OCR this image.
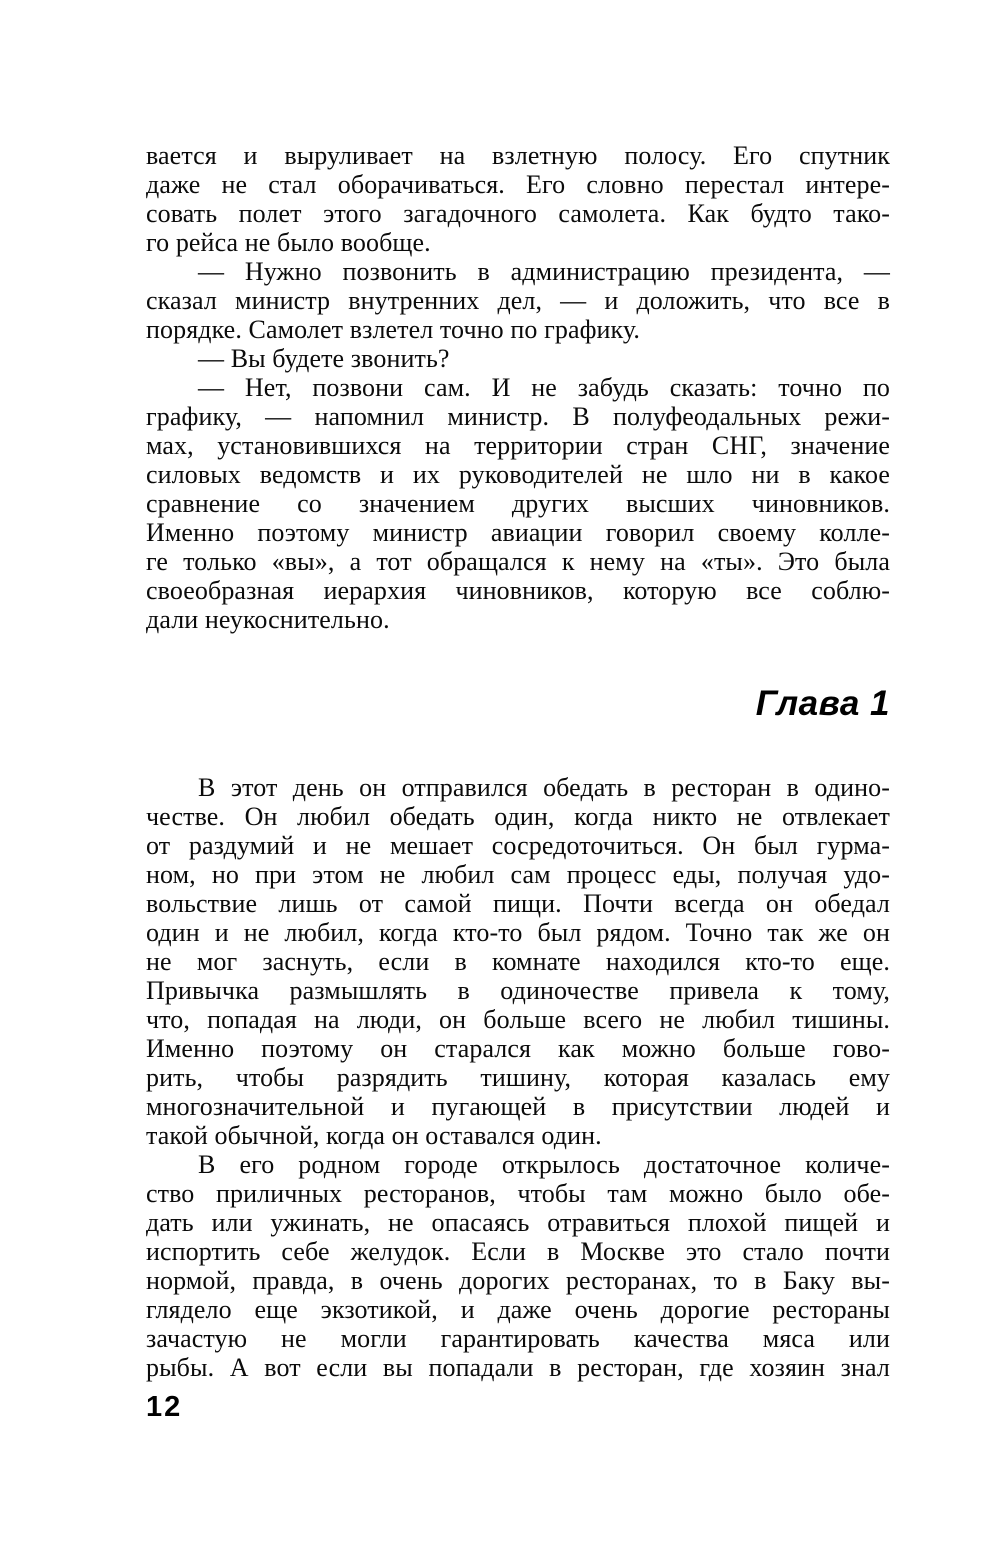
вается и выруливает на взлетную полосу. Его спутник
даже не стал оборачиваться. Его словно перестал интере-
совать полет этого загадочного самолета. Как будто тако-
го рейса не было вообще.
— Нужно позвонить в администрацию президента, —
сказал министр внутренних дел, — и доложить, что все в
порядке. Самолет взлетел точно по графику.
— Вы будете звонить?
— Нет, позвони сам. И не забудь сказать: точно по
графику, — напомнил министр. В полуфеодальных режи-
мах, установившихся на территории стран СНГ, значение
силовых ведомств и их руководителей не шло ни в какое
сравнение со значением других высших чиновников.
Именно поэтому министр авиации говорил своему колле-
ге только «вы», а тот обращался к нему на «ты». Это была
своеобразная иерархия чиновников, которую все соблю-
дали неукоснительно.
Глава 1
В этот день он отправился обедать в ресторан в одино-
честве. Он любил обедать один, когда никто не отвлекает
от раздумий и не мешает сосредоточиться. Он был гурма-
ном, но при этом не любил сам процесс еды, получая удо-
вольствие лишь от самой пищи. Почти всегда он обедал
один и не любил, когда кто-то был рядом. Точно так же он
не мог заснуть, если в комнате находился кто-то еще.
Привычка размышлять в одиночестве привела к тому,
что, попадая на люди, он больше всего не любил тишины.
Именно поэтому он старался как можно больше гово-
рить, чтобы разрядить тишину, которая казалась ему
многозначительной и пугающей в присутствии людей и
такой обычной, когда он оставался один.
В его родном городе открылось достаточное количе-
ство приличных ресторанов, чтобы там можно было обе-
дать или ужинать, не опасаясь отравиться плохой пищей и
испортить себе желудок. Если в Москве это стало почти
нормой, правда, в очень дорогих ресторанах, то в Баку вы-
глядело еще экзотикой, и даже очень дорогие рестораны
зачастую не могли гарантировать качества мяса или
рыбы. А вот если вы попадали в ресторан, где хозяин знал
12
